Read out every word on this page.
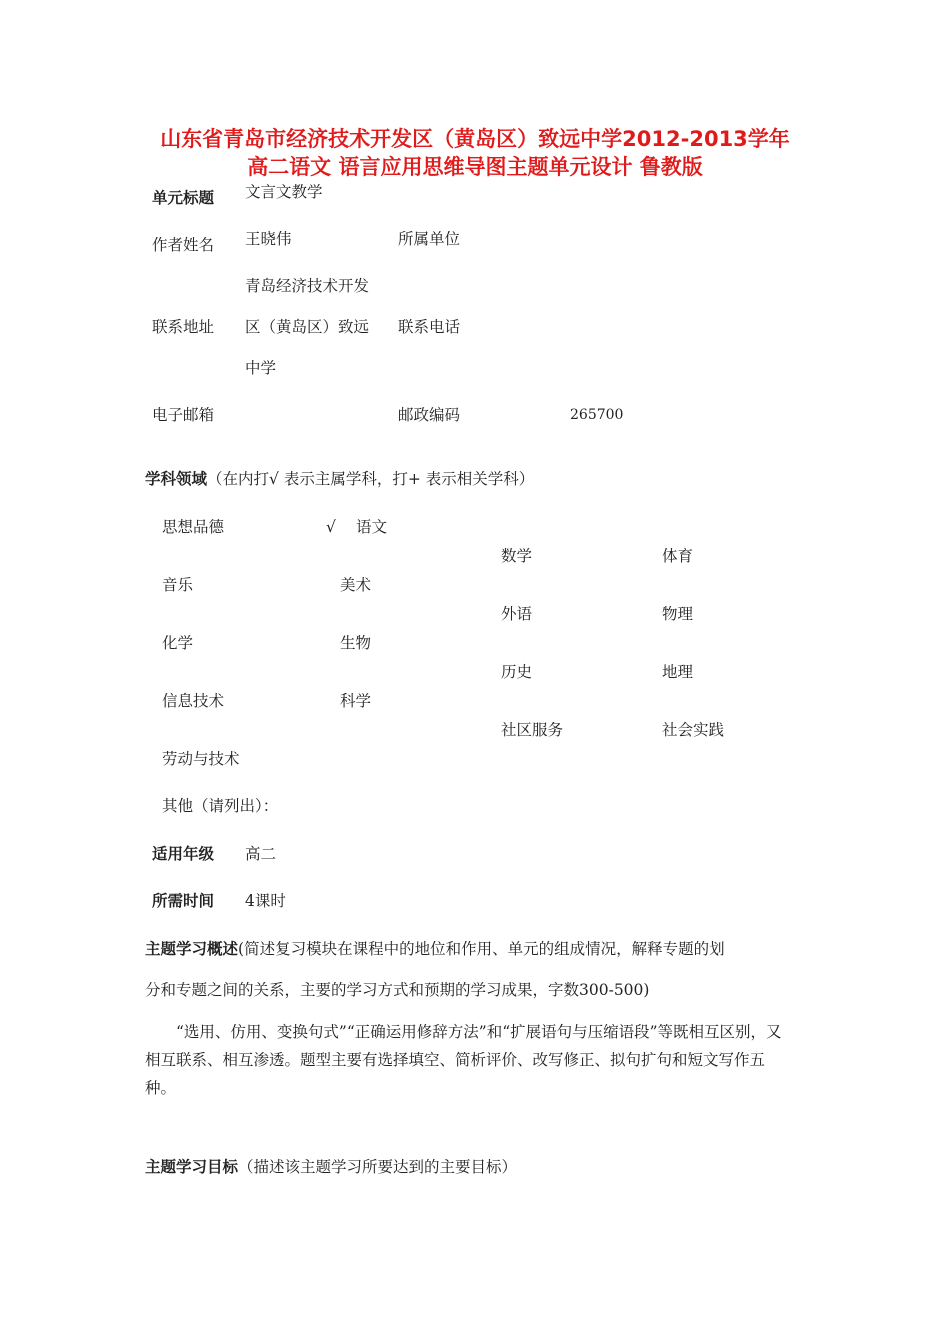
山东省青岛市经济技术开发区（黄岛区）致远中学2012-2013学年
高二语文 语言应用思维导图主题单元设计 鲁教版
单元标题 文言文教学
作者姓名 王晓伟	所属单位
青岛经济技术开发
联系地址 区（黄岛区）致远 联系电话
中学
电子邮箱	邮政编码	265700
学科领域（在内打√ 表示主属学科，打+ 表示相关学科）
思想品德	√ 语文
数学	体育
音乐	美术
外语	物理
化学	生物
历史	地理
信息技术	科学
社区服务	社会实践
劳动与技术
其他（请列出）：
适用年级 高二
所需时间 4课时
主题学习概述(简述复习模块在课程中的地位和作用、单元的组成情况，解释专题的划
分和专题之间的关系，主要的学习方式和预期的学习成果，字数300-500)
“选用、仿用、变换句式”“正确运用修辞方法”和“扩展语句与压缩语段”等既相互区别，又相互联系、相互渗透。题型主要有选择填空、简析评价、改写修正、拟句扩句和短文写作五种。
主题学习目标（描述该主题学习所要达到的主要目标）
